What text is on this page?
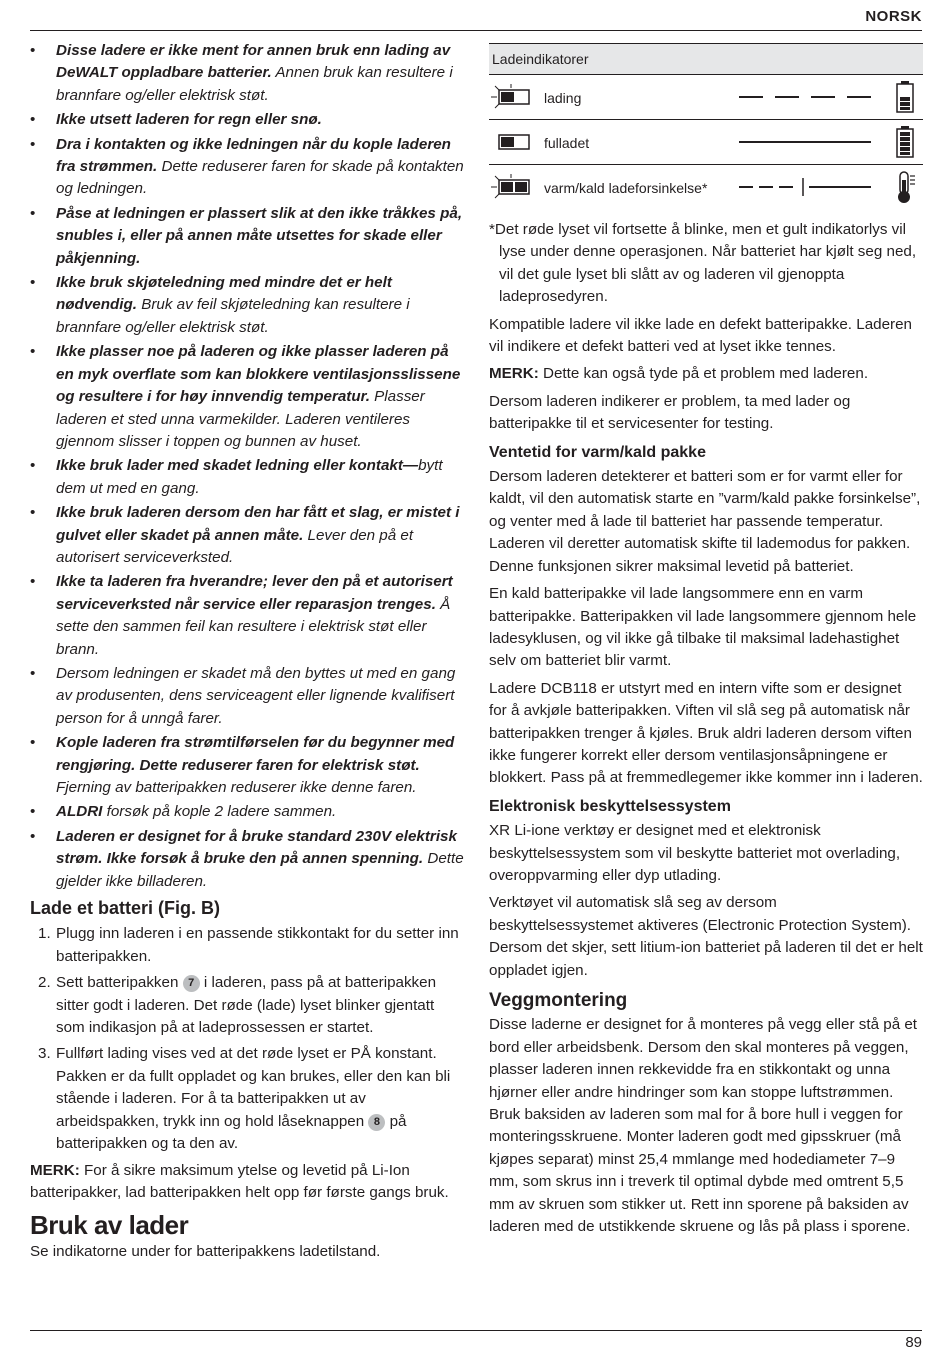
NORSK
• Disse ladere er ikke ment for annen bruk enn lading av DeWALT oppladbare batterier. Annen bruk kan resultere i brannfare og/eller elektrisk støt.
• Ikke utsett laderen for regn eller snø.
• Dra i kontakten og ikke ledningen når du kople laderen fra strømmen. Dette reduserer faren for skade på kontakten og ledningen.
• Påse at ledningen er plassert slik at den ikke tråkkes på, snubles i, eller på annen måte utsettes for skade eller påkjenning.
• Ikke bruk skjøteledning med mindre det er helt nødvendig. Bruk av feil skjøteledning kan resultere i brannfare og/eller elektrisk støt.
• Ikke plasser noe på laderen og ikke plasser laderen på en myk overflate som kan blokkere ventilasjonsslissene og resultere i for høy innvendig temperatur. Plasser laderen et sted unna varmekilder. Laderen ventileres gjennom slisser i toppen og bunnen av huset.
• Ikke bruk lader med skadet ledning eller kontakt—bytt dem ut med en gang.
• Ikke bruk laderen dersom den har fått et slag, er mistet i gulvet eller skadet på annen måte. Lever den på et autorisert serviceverksted.
• Ikke ta laderen fra hverandre; lever den på et autorisert serviceverksted når service eller reparasjon trenges. Å sette den sammen feil kan resultere i elektrisk støt eller brann.
• Dersom ledningen er skadet må den byttes ut med en gang av produsenten, dens serviceagent eller lignende kvalifisert person for å unngå farer.
• Kople laderen fra strømtilførselen før du begynner med rengjøring. Dette reduserer faren for elektrisk støt. Fjerning av batteripakken reduserer ikke denne faren.
• ALDRI forsøk på kople 2 ladere sammen.
• Laderen er designet for å bruke standard 230V elektrisk strøm. Ikke forsøk å bruke den på annen spenning. Dette gjelder ikke billaderen.
Lade et batteri (Fig. B)
1. Plugg inn laderen i en passende stikkontakt for du setter inn batteripakken.
2. Sett batteripakken 7 i laderen, pass på at batteripakken sitter godt i laderen. Det røde (lade) lyset blinker gjentatt som indikasjon på at ladeprossessen er startet.
3. Fullført lading vises ved at det røde lyset er PÅ konstant. Pakken er da fullt oppladet og kan brukes, eller den kan bli stående i laderen. For å ta batteripakken ut av arbeidspakken, trykk inn og hold låseknappen 8 på batteripakken og ta den av.

MERK: For å sikre maksimum ytelse og levetid på Li-Ion batteripakker, lad batteripakken helt opp før første gangs bruk.

Bruk av lader

Se indikatorne under for batteripakkens ladetilstand.

Ladeindikatorer
lading
fulladet
varm/kald ladeforsinkelse*

*Det røde lyset vil fortsette å blinke, men et gult indikatorlys vil lyse under denne operasjonen. Når batteriet har kjølt seg ned, vil det gule lyset bli slått av og laderen vil gjenoppta ladeprosedyren.

Kompatible ladere vil ikke lade en defekt batteripakke. Laderen vil indikere et defekt batteri ved at lyset ikke tennes.

MERK: Dette kan også tyde på et problem med laderen.

Dersom laderen indikerer er problem, ta med lader og batteripakke til et servicesenter for testing.

Ventetid for varm/kald pakke

Dersom laderen detekterer et batteri som er for varmt eller for kaldt, vil den automatisk starte en ”varm/kald pakke forsinkelse”, og venter med å lade til batteriet har passende temperatur. Laderen vil deretter automatisk skifte til lademodus for pakken. Denne funksjonen sikrer maksimal levetid på batteriet.

En kald batteripakke vil lade langsommere enn en varm batteripakke. Batteripakken vil lade langsommere gjennom hele ladesyklusen, og vil ikke gå tilbake til maksimal ladehastighet selv om batteriet blir varmt.

Ladere DCB118 er utstyrt med en intern vifte som er designet for å avkjøle batteripakken. Viften vil slå seg på automatisk når batteripakken trenger å kjøles. Bruk aldri laderen dersom viften ikke fungerer korrekt eller dersom ventilasjonsåpningene er blokkert. Pass på at fremmedlegemer ikke kommer inn i laderen.

Elektronisk beskyttelsessystem

XR Li-ione verktøy er designet med et elektronisk beskyttelsessystem som vil beskytte batteriet mot overlading, overoppvarming eller dyp utlading.

Verktøyet vil automatisk slå seg av dersom beskyttelsessystemet aktiveres (Electronic Protection System). Dersom det skjer, sett litium-ion batteriet på laderen til det er helt oppladet igjen.

Veggmontering

Disse laderne er designet for å monteres på vegg eller stå på et bord eller arbeidsbenk. Dersom den skal monteres på veggen, plasser laderen innen rekkevidde fra en stikkontakt og unna hjørner eller andre hindringer som kan stoppe luftstrømmen. Bruk baksiden av laderen som mal for å bore hull i veggen for monteringsskruene. Monter laderen godt med gipsskruer (må kjøpes separat) minst 25,4 mmlange med hodediameter 7–9 mm, som skrus inn i treverk til optimal dybde med omtrent 5,5 mm av skruen som stikker ut. Rett inn sporene på baksiden av laderen med de utstikkende skruene og lås på plass i sporene.

89
